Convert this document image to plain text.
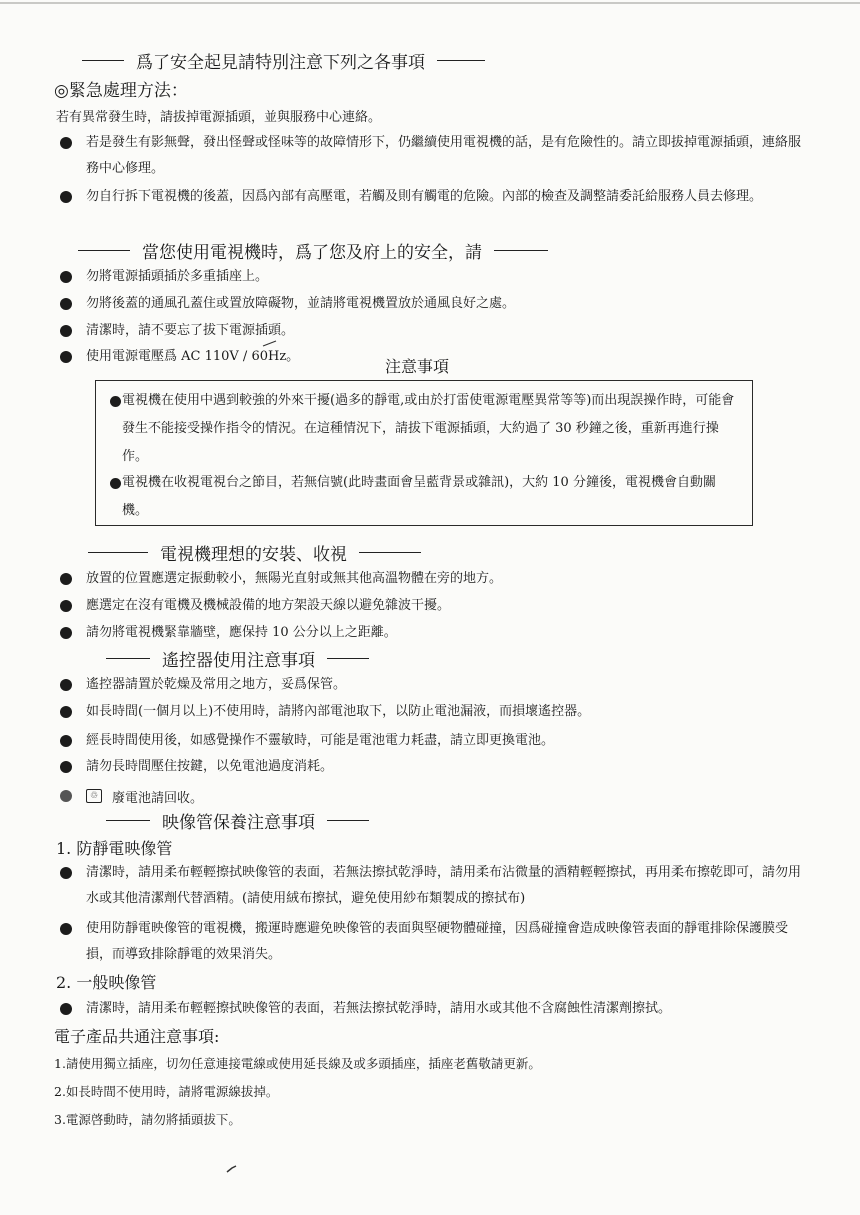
爲了安全起見請特別注意下列之各事項
◎緊急處理方法：
若有異常發生時，請拔掉電源插頭，並與服務中心連絡。
若是發生有影無聲，發出怪聲或怪味等的故障情形下，仍繼續使用電視機的話，是有危險性的。請立即拔掉電源插頭，連絡服務中心修理。
勿自行拆下電視機的後蓋，因爲內部有高壓電，若觸及則有觸電的危險。內部的檢查及調整請委託給服務人員去修理。
當您使用電視機時，爲了您及府上的安全，請
勿將電源插頭插於多重插座上。
勿將後蓋的通風孔蓋住或置放障礙物，並請將電視機置放於通風良好之處。
清潔時，請不要忘了拔下電源插頭。
使用電源電壓爲 AC 110V / 60Hz。
注意事項
電視機在使用中遇到較強的外來干擾(過多的靜電,或由於打雷使電源電壓異常等等)而出現誤操作時，可能會發生不能接受操作指令的情況。在這種情況下，請拔下電源插頭，大約過了 30 秒鐘之後，重新再進行操作。
電視機在收視電視台之節目，若無信號(此時畫面會呈藍背景或雜訊)，大約 10 分鐘後，電視機會自動關機。
電視機理想的安裝、收視
放置的位置應選定振動較小，無陽光直射或無其他高溫物體在旁的地方。
應選定在沒有電機及機械設備的地方架設天線以避免雜波干擾。
請勿將電視機緊靠牆壁，應保持 10 公分以上之距離。
遙控器使用注意事項
遙控器請置於乾燥及常用之地方，妥爲保管。
如長時間(一個月以上)不使用時，請將內部電池取下，以防止電池漏液，而損壞遙控器。
經長時間使用後，如感覺操作不靈敏時，可能是電池電力耗盡，請立即更換電池。
請勿長時間壓住按鍵，以免電池過度消耗。
♲	廢電池請回收。
映像管保養注意事項
1. 防靜電映像管
清潔時，請用柔布輕輕擦拭映像管的表面，若無法擦拭乾淨時，請用柔布沾微量的酒精輕輕擦拭，再用柔布擦乾即可，請勿用水或其他清潔劑代替酒精。(請使用絨布擦拭，避免使用紗布類製成的擦拭布)
使用防靜電映像管的電視機，搬運時應避免映像管的表面與堅硬物體碰撞，因爲碰撞會造成映像管表面的靜電排除保護膜受損，而導致排除靜電的效果消失。
2. 一般映像管
清潔時，請用柔布輕輕擦拭映像管的表面，若無法擦拭乾淨時，請用水或其他不含腐蝕性清潔劑擦拭。
電子產品共通注意事項:
1.請使用獨立插座，切勿任意連接電線或使用延長線及或多頭插座，插座老舊敬請更新。
2.如長時間不使用時，請將電源線拔掉。
3.電源啓動時，請勿將插頭拔下。
